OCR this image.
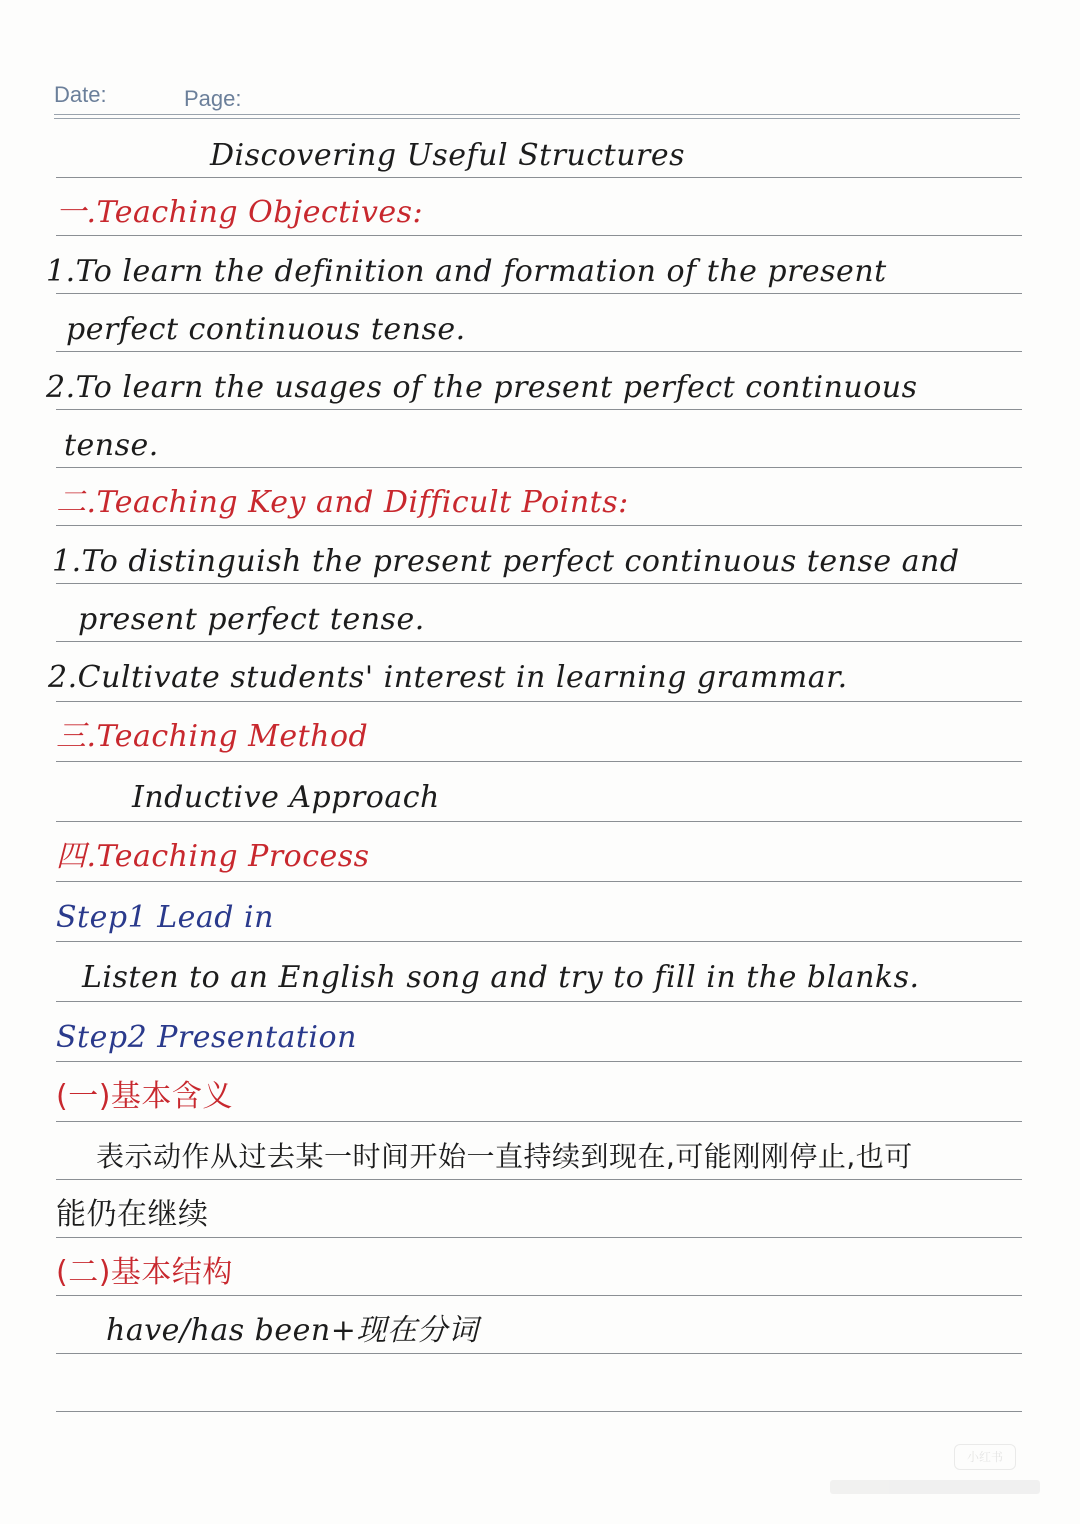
Date:	Page:
Discovering Useful Structures
一.Teaching Objectives:
1.To learn the definition and formation of the present
perfect continuous tense.
2.To learn the usages of the present perfect continuous
tense.
二.Teaching Key and Difficult Points:
1.To distinguish the present perfect continuous tense and
present perfect tense.
2.Cultivate students' interest in learning grammar.
三.Teaching Method
Inductive Approach
四.Teaching Process
Step1 Lead in
Listen to an English song and try to fill in the blanks.
Step2 Presentation
(一)基本含义
表示动作从过去某一时间开始一直持续到现在,可能刚刚停止,也可
能仍在继续
(二)基本结构
have/has been+现在分词
小红书
